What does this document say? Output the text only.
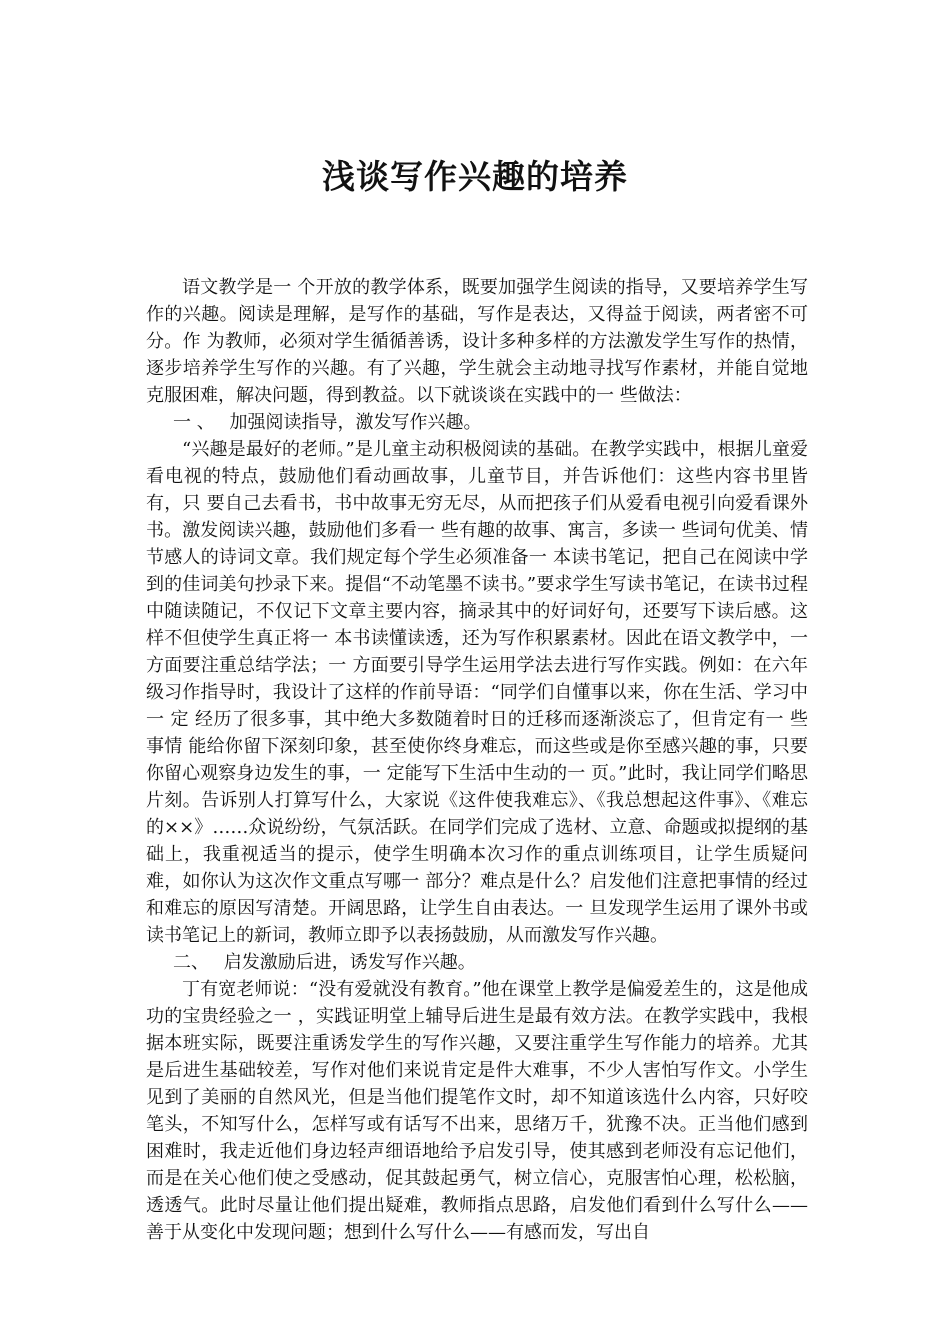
浅谈写作兴趣的培养

语文教学是一 个开放的教学体系，既要加强学生阅读的指导，又要培养学生写作的兴趣。阅读是理解，是写作的基础，写作是表达，又得益于阅读，两者密不可分。作 为教师，必须对学生循循善诱，设计多种多样的方法激发学生写作的热情，逐步培养学生写作的兴趣。有了兴趣，学生就会主动地寻找写作素材，并能自觉地克服困难，解决问题，得到教益。以下就谈谈在实践中的一 些做法：

一 、　 加强阅读指导，激发写作兴趣。

“兴趣是最好的老师。”是儿童主动积极阅读的基础。在教学实践中，根据儿童爱看电视的特点，鼓励他们看动画故事，儿童节目，并告诉他们：这些内容书里皆有，只 要自己去看书，书中故事无穷无尽，从而把孩子们从爱看电视引向爱看课外书。激发阅读兴趣，鼓励他们多看一 些有趣的故事、寓言，多读一 些词句优美、情节感人的诗词文章。我们规定每个学生必须准备一 本读书笔记，把自己在阅读中学到的佳词美句抄录下来。提倡“不动笔墨不读书。”要求学生写读书笔记，在读书过程中随读随记，不仅记下文章主要内容，摘录其中的好词好句，还要写下读后感。这样不但使学生真正将一 本书读懂读透，还为写作积累素材。因此在语文教学中，一 方面要注重总结学法；一 方面要引导学生运用学法去进行写作实践。例如：在六年级习作指导时，我设计了这样的作前导语：“同学们自懂事以来，你在生活、学习中一 定 经历了很多事，其中绝大多数随着时日的迁移而逐渐淡忘了，但肯定有一 些事情 能给你留下深刻印象，甚至使你终身难忘，而这些或是你至感兴趣的事，只要你留心观察身边发生的事，一 定能写下生活中生动的一 页。”此时，我让同学们略思片刻。告诉别人打算写什么，大家说《这件使我难忘》、《我总想起这件事》、《难忘的××》……众说纷纷，气氛活跃。在同学们完成了选材、立意、命题或拟提纲的基础上，我重视适当的提示，使学生明确本次习作的重点训练项目，让学生质疑问难，如你认为这次作文重点写哪一 部分？难点是什么？启发他们注意把事情的经过和难忘的原因写清楚。开阔思路，让学生自由表达。一 旦发现学生运用了课外书或读书笔记上的新词，教师立即予以表扬鼓励，从而激发写作兴趣。

二、　 启发激励后进，诱发写作兴趣。

丁有宽老师说：“没有爱就没有教育。”他在课堂上教学是偏爱差生的，这是他成功的宝贵经验之一 ，实践证明堂上辅导后进生是最有效方法。在教学实践中，我根据本班实际，既要注重诱发学生的写作兴趣，又要注重学生写作能力的培养。尤其是后进生基础较差，写作对他们来说肯定是件大难事，不少人害怕写作文。小学生见到了美丽的自然风光，但是当他们提笔作文时，却不知道该选什么内容，只好咬笔头，不知写什么，怎样写或有话写不出来，思绪万千，犹豫不决。正当他们感到困难时，我走近他们身边轻声细语地给予启发引导，使其感到老师没有忘记他们，而是在关心他们使之受感动，促其鼓起勇气，树立信心，克服害怕心理，松松脑，透透气。此时尽量让他们提出疑难，教师指点思路，启发他们看到什么写什么——善于从变化中发现问题；想到什么写什么——有感而发，写出自
